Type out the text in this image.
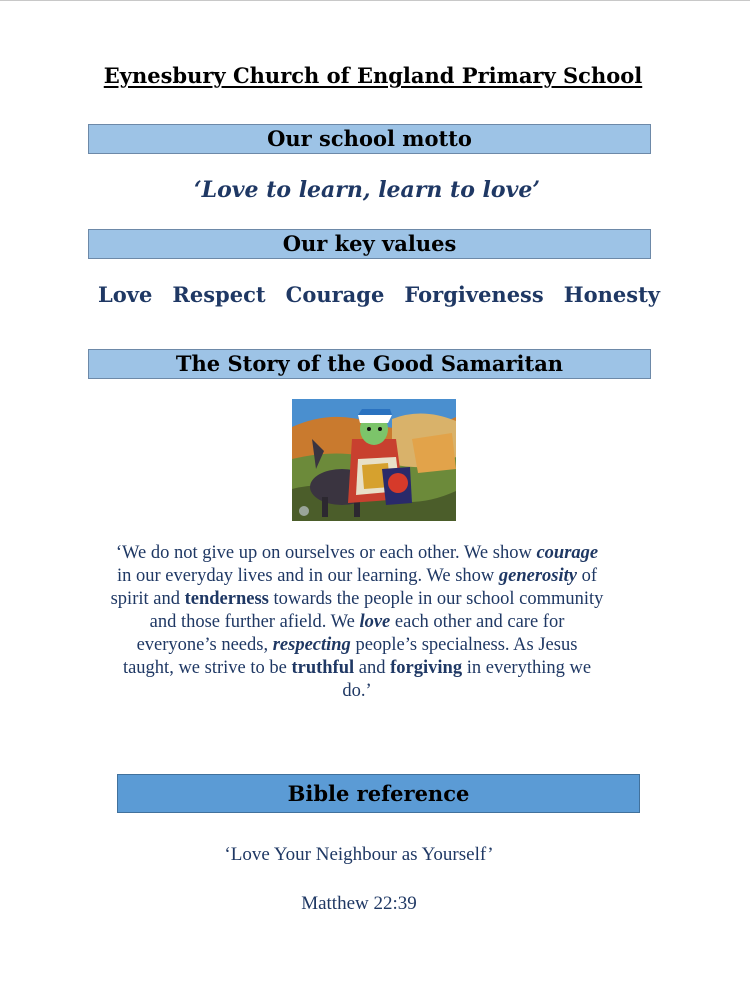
Eynesbury Church of England Primary School
Our school motto
‘Love to learn, learn to love’
Our key values
Love Respect Courage Forgiveness Honesty
The Story of the Good Samaritan
‘We do not give up on ourselves or each other. We show courage in our everyday lives and in our learning. We show generosity of spirit and tenderness towards the people in our school community and those further afield. We love each other and care for everyone’s needs, respecting people’s specialness. As Jesus taught, we strive to be truthful and forgiving in everything we do.’
Bible reference
‘Love Your Neighbour as Yourself’
Matthew 22:39
